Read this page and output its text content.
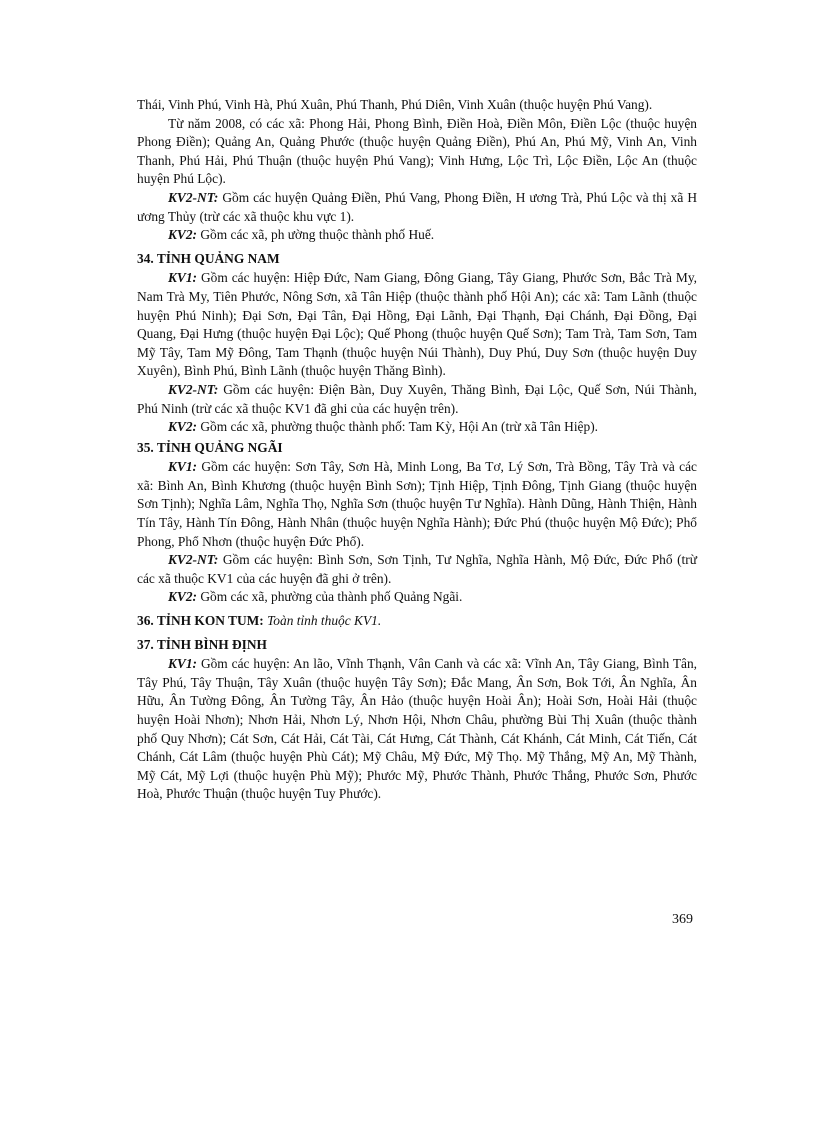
Thái, Vinh Phú, Vinh Hà, Phú Xuân, Phú Thanh, Phú Diên, Vinh Xuân (thuộc huyện Phú Vang).

Từ năm 2008, có các xã: Phong Hải, Phong Bình, Điền Hoà, Điền Môn, Điền Lộc (thuộc huyện Phong Điền); Quảng An, Quảng Phước (thuộc huyện Quảng Điền), Phú An, Phú Mỹ, Vinh An, Vinh Thanh, Phú Hải, Phú Thuận (thuộc huyện Phú Vang); Vinh Hưng, Lộc Trì, Lộc Điền, Lộc An (thuộc huyện Phú Lộc).

KV2-NT: Gồm các huyện Quảng Điền, Phú Vang, Phong Điền, H ương Trà, Phú Lộc và thị xã H ương Thủy (trừ các xã thuộc khu vực 1).

KV2: Gồm các xã, ph ường thuộc thành phố Huế.

34. TỈNH QUẢNG NAM

KV1: Gồm các huyện: Hiệp Đức, Nam Giang, Đông Giang, Tây Giang, Phước Sơn, Bắc Trà My, Nam Trà My, Tiên Phước, Nông Sơn, xã Tân Hiệp (thuộc thành phố Hội An); các xã: Tam Lãnh (thuộc huyện Phú Ninh); Đại Sơn, Đại Tân, Đại Hồng, Đại Lãnh, Đại Thạnh, Đại Chánh, Đại Đồng, Đại Quang, Đại Hưng (thuộc huyện Đại Lộc); Quế Phong (thuộc huyện Quế Sơn); Tam Trà, Tam Sơn, Tam Mỹ Tây, Tam Mỹ Đông, Tam Thạnh (thuộc huyện Núi Thành), Duy Phú, Duy Sơn (thuộc huyện Duy Xuyên), Bình Phú, Bình Lãnh (thuộc huyện Thăng Bình).

KV2-NT: Gồm các huyện: Điện Bàn, Duy Xuyên, Thăng Bình, Đại Lộc, Quế Sơn, Núi Thành, Phú Ninh (trừ các xã thuộc KV1 đã ghi của các huyện trên).

KV2: Gồm các xã, phường thuộc thành phố: Tam Kỳ, Hội An (trừ xã Tân Hiệp).

35. TỈNH QUẢNG NGÃI

KV1: Gồm các huyện: Sơn Tây, Sơn Hà, Minh Long, Ba Tơ, Lý Sơn, Trà Bồng, Tây Trà và các xã: Bình An, Bình Khương (thuộc huyện Bình Sơn); Tịnh Hiệp, Tịnh Đông, Tịnh Giang (thuộc huyện Sơn Tịnh); Nghĩa Lâm, Nghĩa Thọ, Nghĩa Sơn (thuộc huyện Tư Nghĩa). Hành Dũng, Hành Thiện, Hành Tín Tây, Hành Tín Đông, Hành Nhân (thuộc huyện Nghĩa Hành); Đức Phú (thuộc huyện Mộ Đức); Phổ Phong, Phổ Nhơn (thuộc huyện Đức Phổ).

KV2-NT: Gồm các huyện: Bình Sơn, Sơn Tịnh, Tư Nghĩa, Nghĩa Hành, Mộ Đức, Đức Phổ (trừ các xã thuộc KV1 của các huyện đã ghi ở trên).

KV2: Gồm các xã, phường của thành phố Quảng Ngãi.

36. TỈNH KON TUM: Toàn tỉnh thuộc KV1.

37. TỈNH BÌNH ĐỊNH

KV1: Gồm các huyện: An lão, Vĩnh Thạnh, Vân Canh và các xã: Vĩnh An, Tây Giang, Bình Tân, Tây Phú, Tây Thuận, Tây Xuân (thuộc huyện Tây Sơn); Đắc Mang, Ân Sơn, Bok Tới, Ân Nghĩa, Ân Hữu, Ân Tường Đông, Ân Tường Tây, Ân Hảo (thuộc huyện Hoài Ân); Hoài Sơn, Hoài Hải (thuộc huyện Hoài Nhơn); Nhơn Hải, Nhơn Lý, Nhơn Hội, Nhơn Châu, phường Bùi Thị Xuân (thuộc thành phố Quy Nhơn); Cát Sơn, Cát Hải, Cát Tài, Cát Hưng, Cát Thành, Cát Khánh, Cát Minh, Cát Tiến, Cát Chánh, Cát Lâm (thuộc huyện Phù Cát); Mỹ Châu, Mỹ Đức, Mỹ Thọ. Mỹ Thắng, Mỹ An, Mỹ Thành, Mỹ Cát, Mỹ Lợi (thuộc huyện Phù Mỹ); Phước Mỹ, Phước Thành, Phước Thắng, Phước Sơn, Phước Hoà, Phước Thuận (thuộc huyện Tuy Phước).

369
